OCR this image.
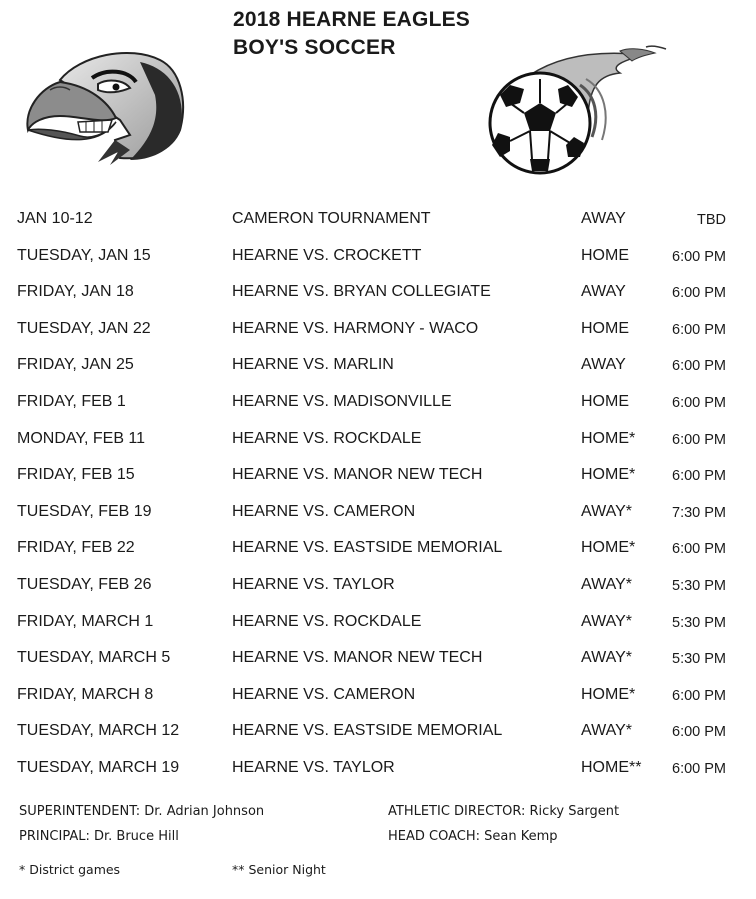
2018 HEARNE EAGLES
BOY'S SOCCER
JAN 10-12	CAMERON TOURNAMENT	AWAY	TBD
TUESDAY, JAN 15	HEARNE VS. CROCKETT	HOME	6:00 PM
FRIDAY, JAN 18	HEARNE VS. BRYAN COLLEGIATE	AWAY	6:00 PM
TUESDAY, JAN 22	HEARNE VS. HARMONY - WACO	HOME	6:00 PM
FRIDAY, JAN 25	HEARNE VS. MARLIN	AWAY	6:00 PM
FRIDAY, FEB 1	HEARNE VS. MADISONVILLE	HOME	6:00 PM
MONDAY, FEB 11	HEARNE VS. ROCKDALE	HOME*	6:00 PM
FRIDAY, FEB 15	HEARNE VS. MANOR NEW TECH	HOME*	6:00 PM
TUESDAY, FEB 19	HEARNE VS. CAMERON	AWAY*	7:30 PM
FRIDAY, FEB 22	HEARNE VS. EASTSIDE MEMORIAL	HOME*	6:00 PM
TUESDAY, FEB 26	HEARNE VS. TAYLOR	AWAY*	5:30 PM
FRIDAY, MARCH 1	HEARNE VS. ROCKDALE	AWAY*	5:30 PM
TUESDAY, MARCH 5	HEARNE VS. MANOR NEW TECH	AWAY*	5:30 PM
FRIDAY, MARCH 8	HEARNE VS. CAMERON	HOME*	6:00 PM
TUESDAY, MARCH 12	HEARNE VS. EASTSIDE MEMORIAL	AWAY*	6:00 PM
TUESDAY, MARCH 19	HEARNE VS. TAYLOR	HOME** 6:00 PM
SUPERINTENDENT: Dr. Adrian Johnson
PRINCIPAL: Dr. Bruce Hill
ATHLETIC DIRECTOR: Ricky Sargent
HEAD COACH: Sean Kemp
* District games	** Senior Night
